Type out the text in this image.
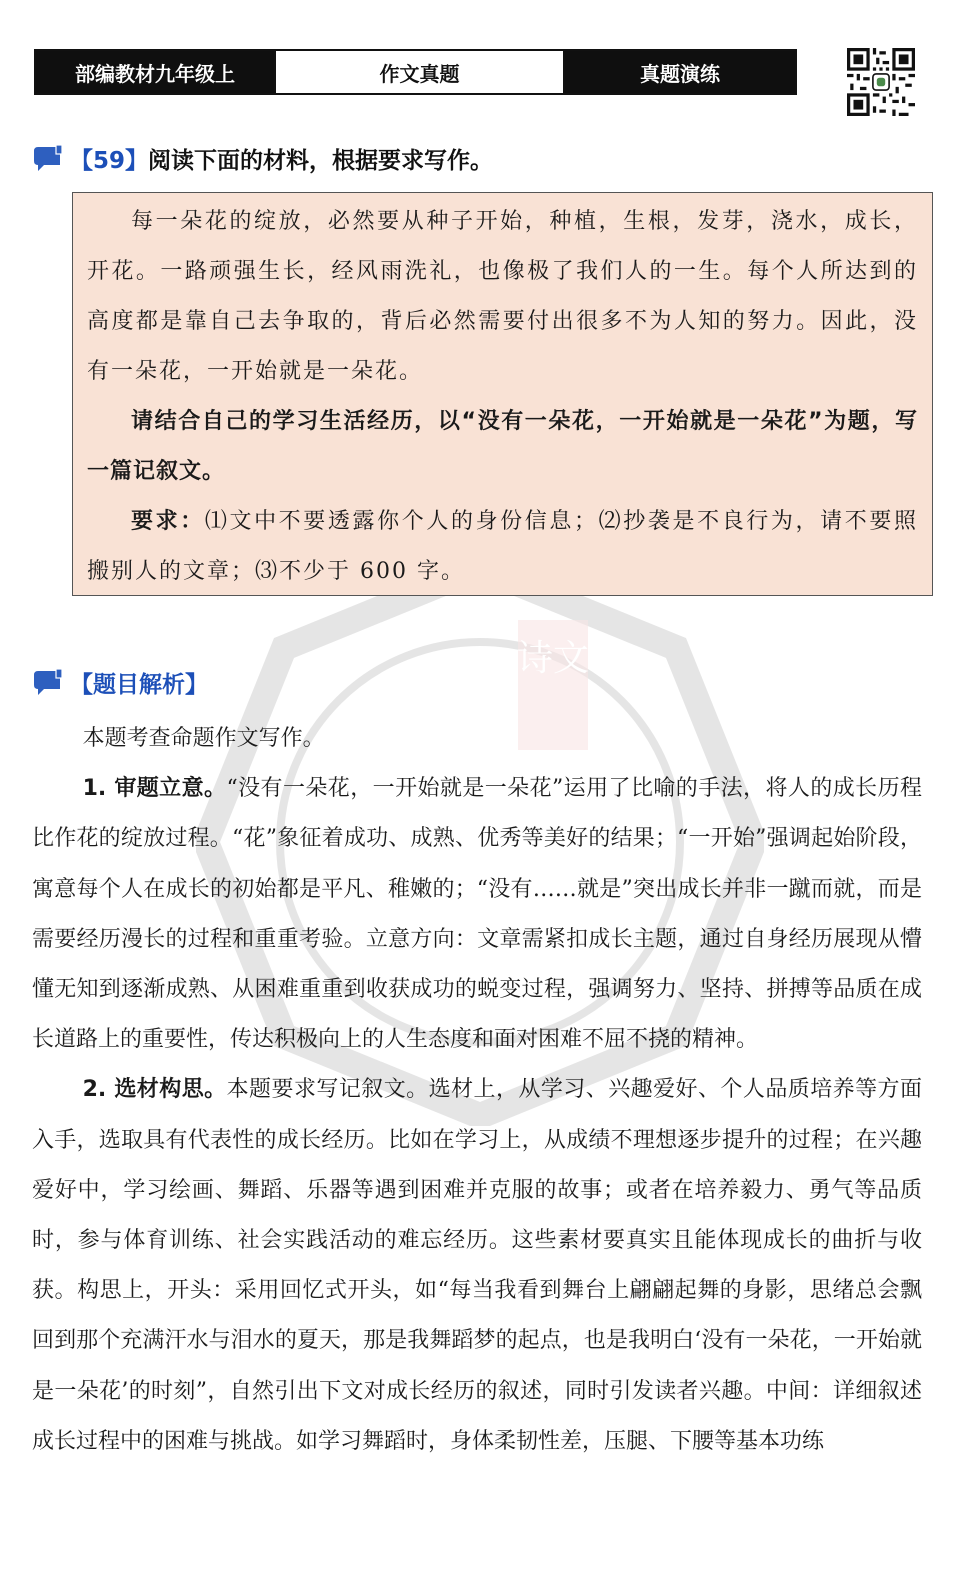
部编教材九年级上	作文真题	真题演练
诗文
【59】阅读下面的材料，根据要求写作。

每一朵花的绽放，必然要从种子开始，种植，生根，发芽，浇水，成长，开花。一路顽强生长，经风雨洗礼，也像极了我们人的一生。每个人所达到的高度都是靠自己去争取的，背后必然需要付出很多不为人知的努力。因此，没有一朵花，一开始就是一朵花。

请结合自己的学习生活经历，以“没有一朵花，一开始就是一朵花”为题，写一篇记叙文。

要求：⑴文中不要透露你个人的身份信息；⑵抄袭是不良行为，请不要照搬别人的文章；⑶不少于 600 字。

【题目解析】

本题考查命题作文写作。

1. 审题立意。“没有一朵花，一开始就是一朵花”运用了比喻的手法，将人的成长历程比作花的绽放过程。“花”象征着成功、成熟、优秀等美好的结果；“一开始”强调起始阶段，寓意每个人在成长的初始都是平凡、稚嫩的；“没有……就是”突出成长并非一蹴而就，而是需要经历漫长的过程和重重考验。立意方向：文章需紧扣成长主题，通过自身经历展现从懵懂无知到逐渐成熟、从困难重重到收获成功的蜕变过程，强调努力、坚持、拼搏等品质在成长道路上的重要性，传达积极向上的人生态度和面对困难不屈不挠的精神。

2. 选材构思。本题要求写记叙文。选材上，从学习、兴趣爱好、个人品质培养等方面入手，选取具有代表性的成长经历。比如在学习上，从成绩不理想逐步提升的过程；在兴趣爱好中，学习绘画、舞蹈、乐器等遇到困难并克服的故事；或者在培养毅力、勇气等品质时，参与体育训练、社会实践活动的难忘经历。这些素材要真实且能体现成长的曲折与收获。构思上，开头：采用回忆式开头，如“每当我看到舞台上翩翩起舞的身影，思绪总会飘回到那个充满汗水与泪水的夏天，那是我舞蹈梦的起点，也是我明白‘没有一朵花，一开始就是一朵花’的时刻”，自然引出下文对成长经历的叙述，同时引发读者兴趣。中间：详细叙述成长过程中的困难与挑战。如学习舞蹈时，身体柔韧性差，压腿、下腰等基本功练
